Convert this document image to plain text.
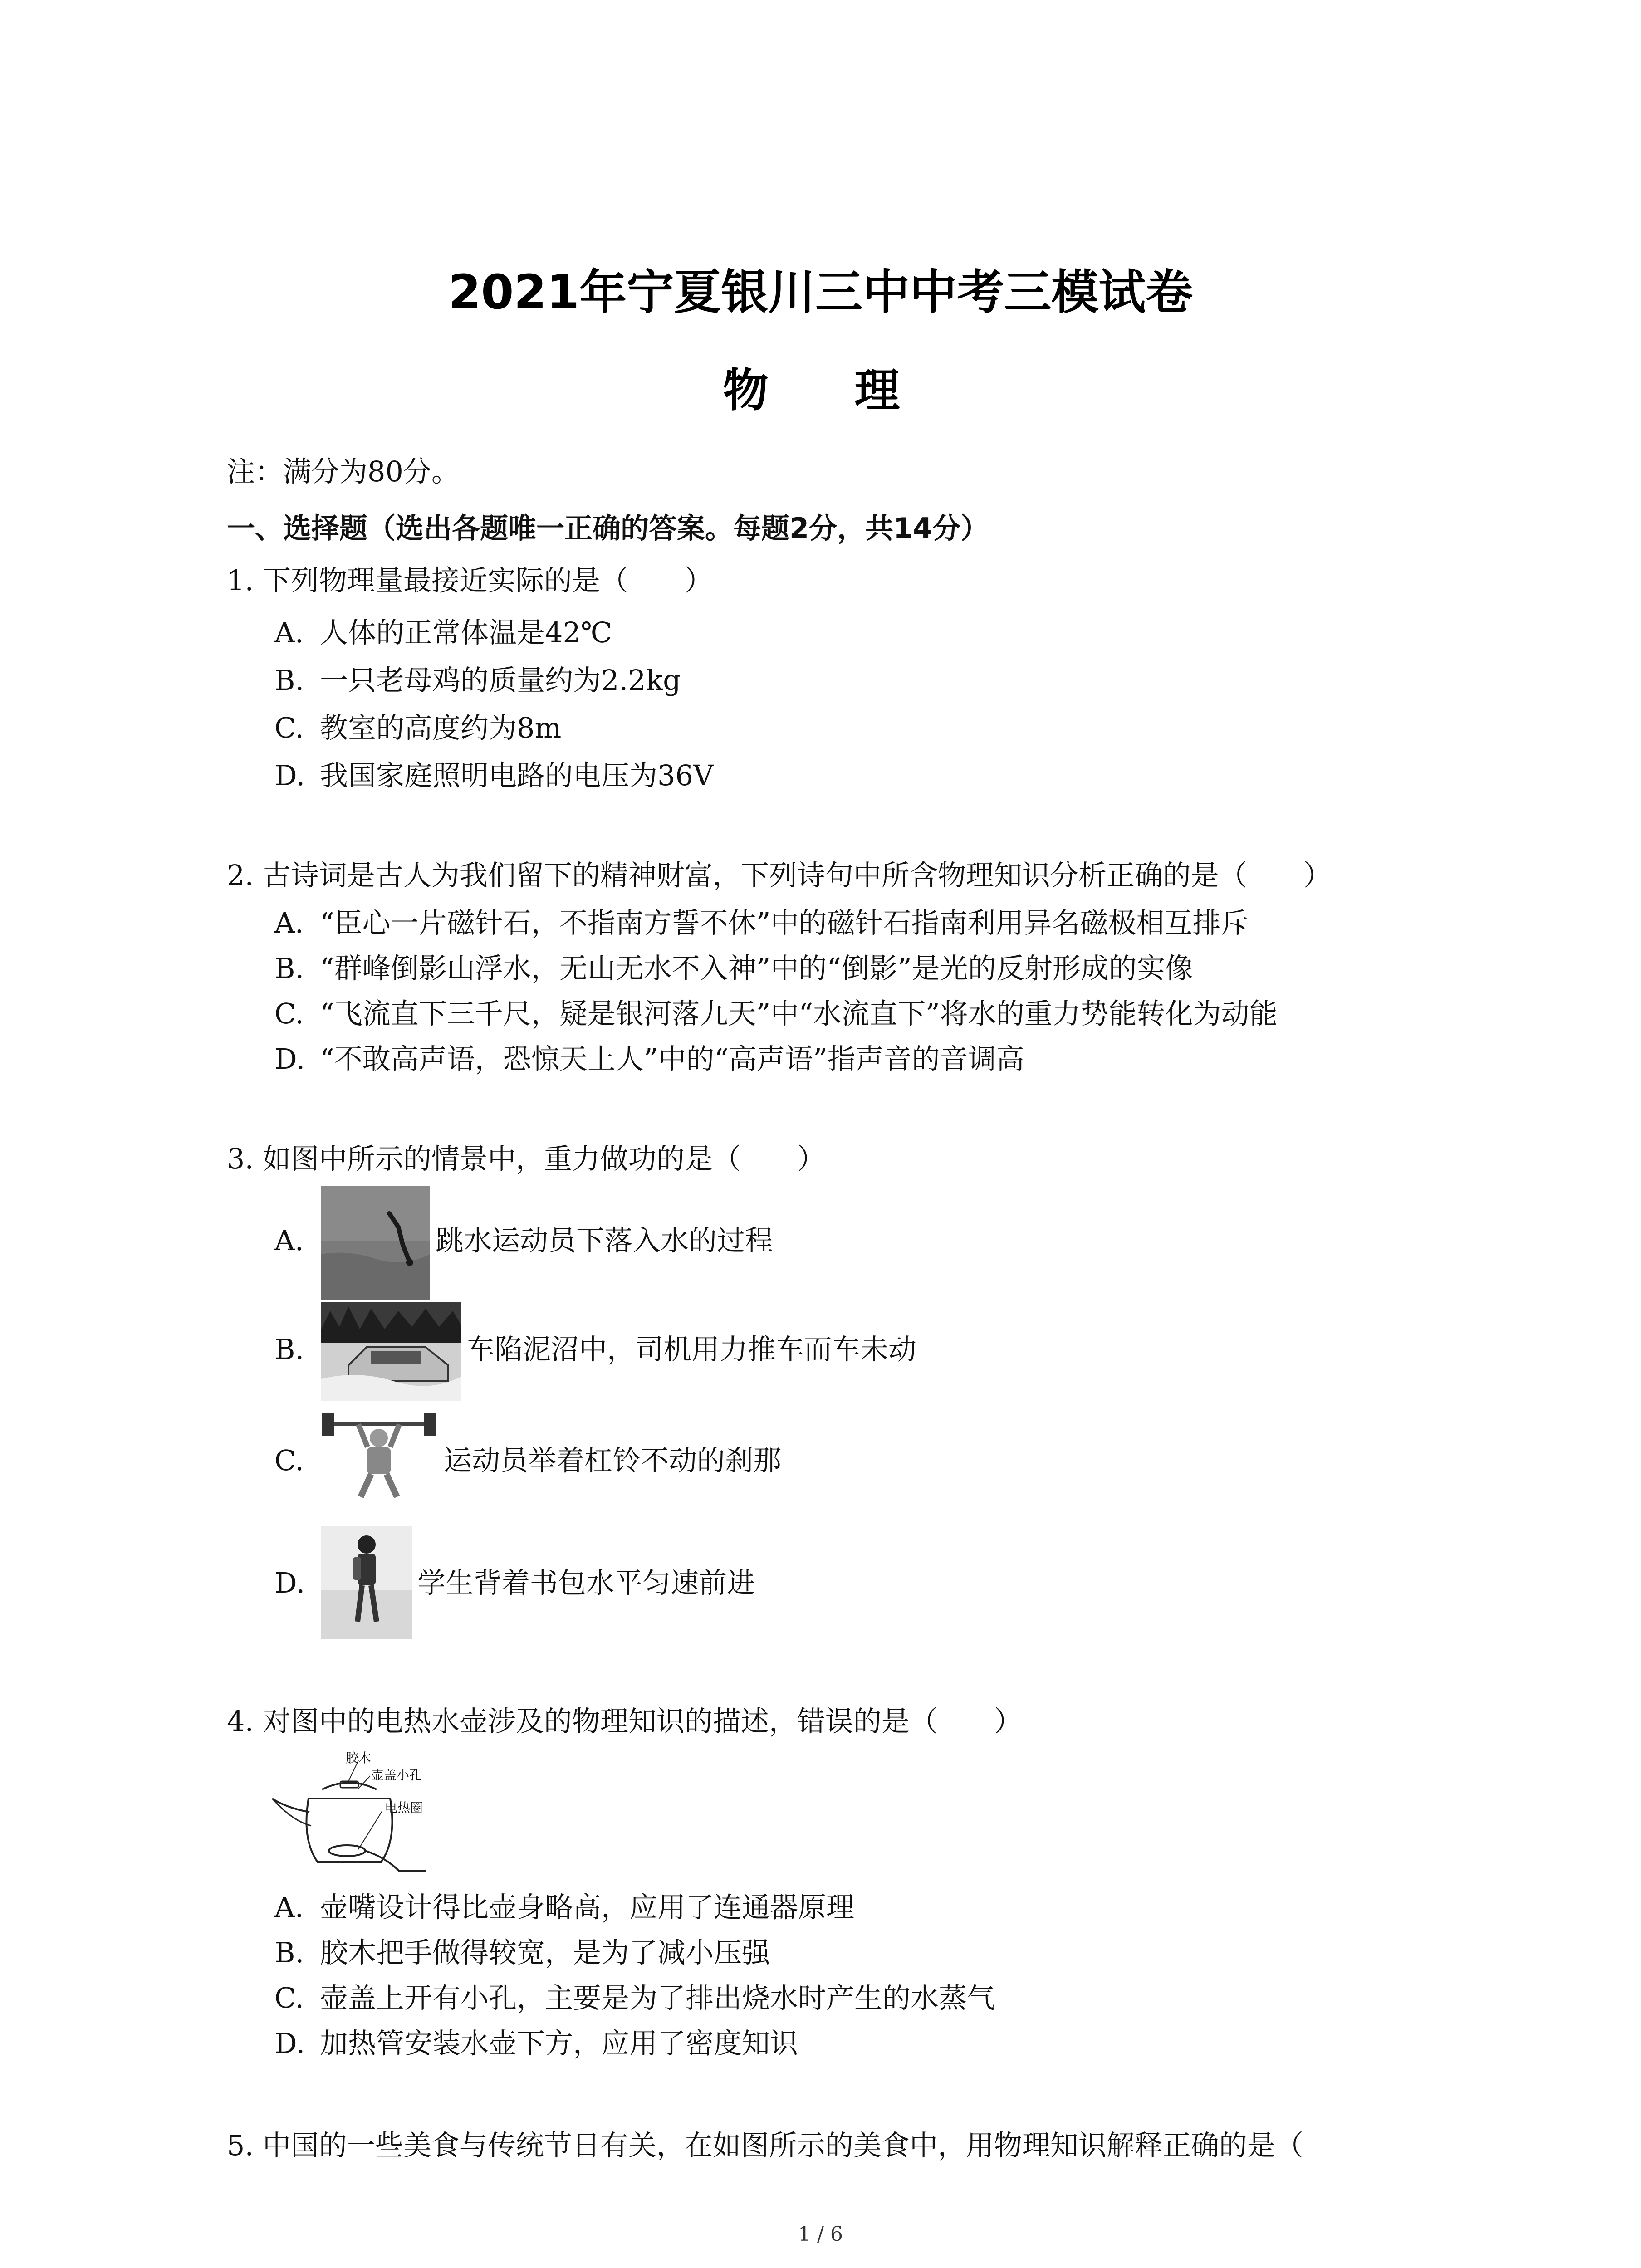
2021年宁夏银川三中中考三模试卷
物  理
注：满分为80分。
一、选择题（选出各题唯一正确的答案。每题2分，共14分）
1. 下列物理量最接近实际的是（　　）
A. 人体的正常体温是42℃
B. 一只老母鸡的质量约为2.2kg
C. 教室的高度约为8m
D. 我国家庭照明电路的电压为36V
2. 古诗词是古人为我们留下的精神财富，下列诗句中所含物理知识分析正确的是（　　）
A. “臣心一片磁针石，不指南方誓不休”中的磁针石指南利用异名磁极相互排斥
B. “群峰倒影山浮水，无山无水不入神”中的“倒影”是光的反射形成的实像
C. “飞流直下三千尺，疑是银河落九天”中“水流直下”将水的重力势能转化为动能
D. “不敢高声语，恐惊天上人”中的“高声语”指声音的音调高
3. 如图中所示的情景中，重力做功的是（　　）
A.	跳水运动员下落入水的过程
B.	车陷泥沼中，司机用力推车而车未动
C.	运动员举着杠铃不动的刹那
D.	学生背着书包水平匀速前进
4. 对图中的电热水壶涉及的物理知识的描述，错误的是（　　）
胶木
壶盖小孔
电热圈
A. 壶嘴设计得比壶身略高，应用了连通器原理
B. 胶木把手做得较宽，是为了减小压强
C. 壶盖上开有小孔，主要是为了排出烧水时产生的水蒸气
D. 加热管安装水壶下方，应用了密度知识
5. 中国的一些美食与传统节日有关，在如图所示的美食中，用物理知识解释正确的是（
1 / 6
